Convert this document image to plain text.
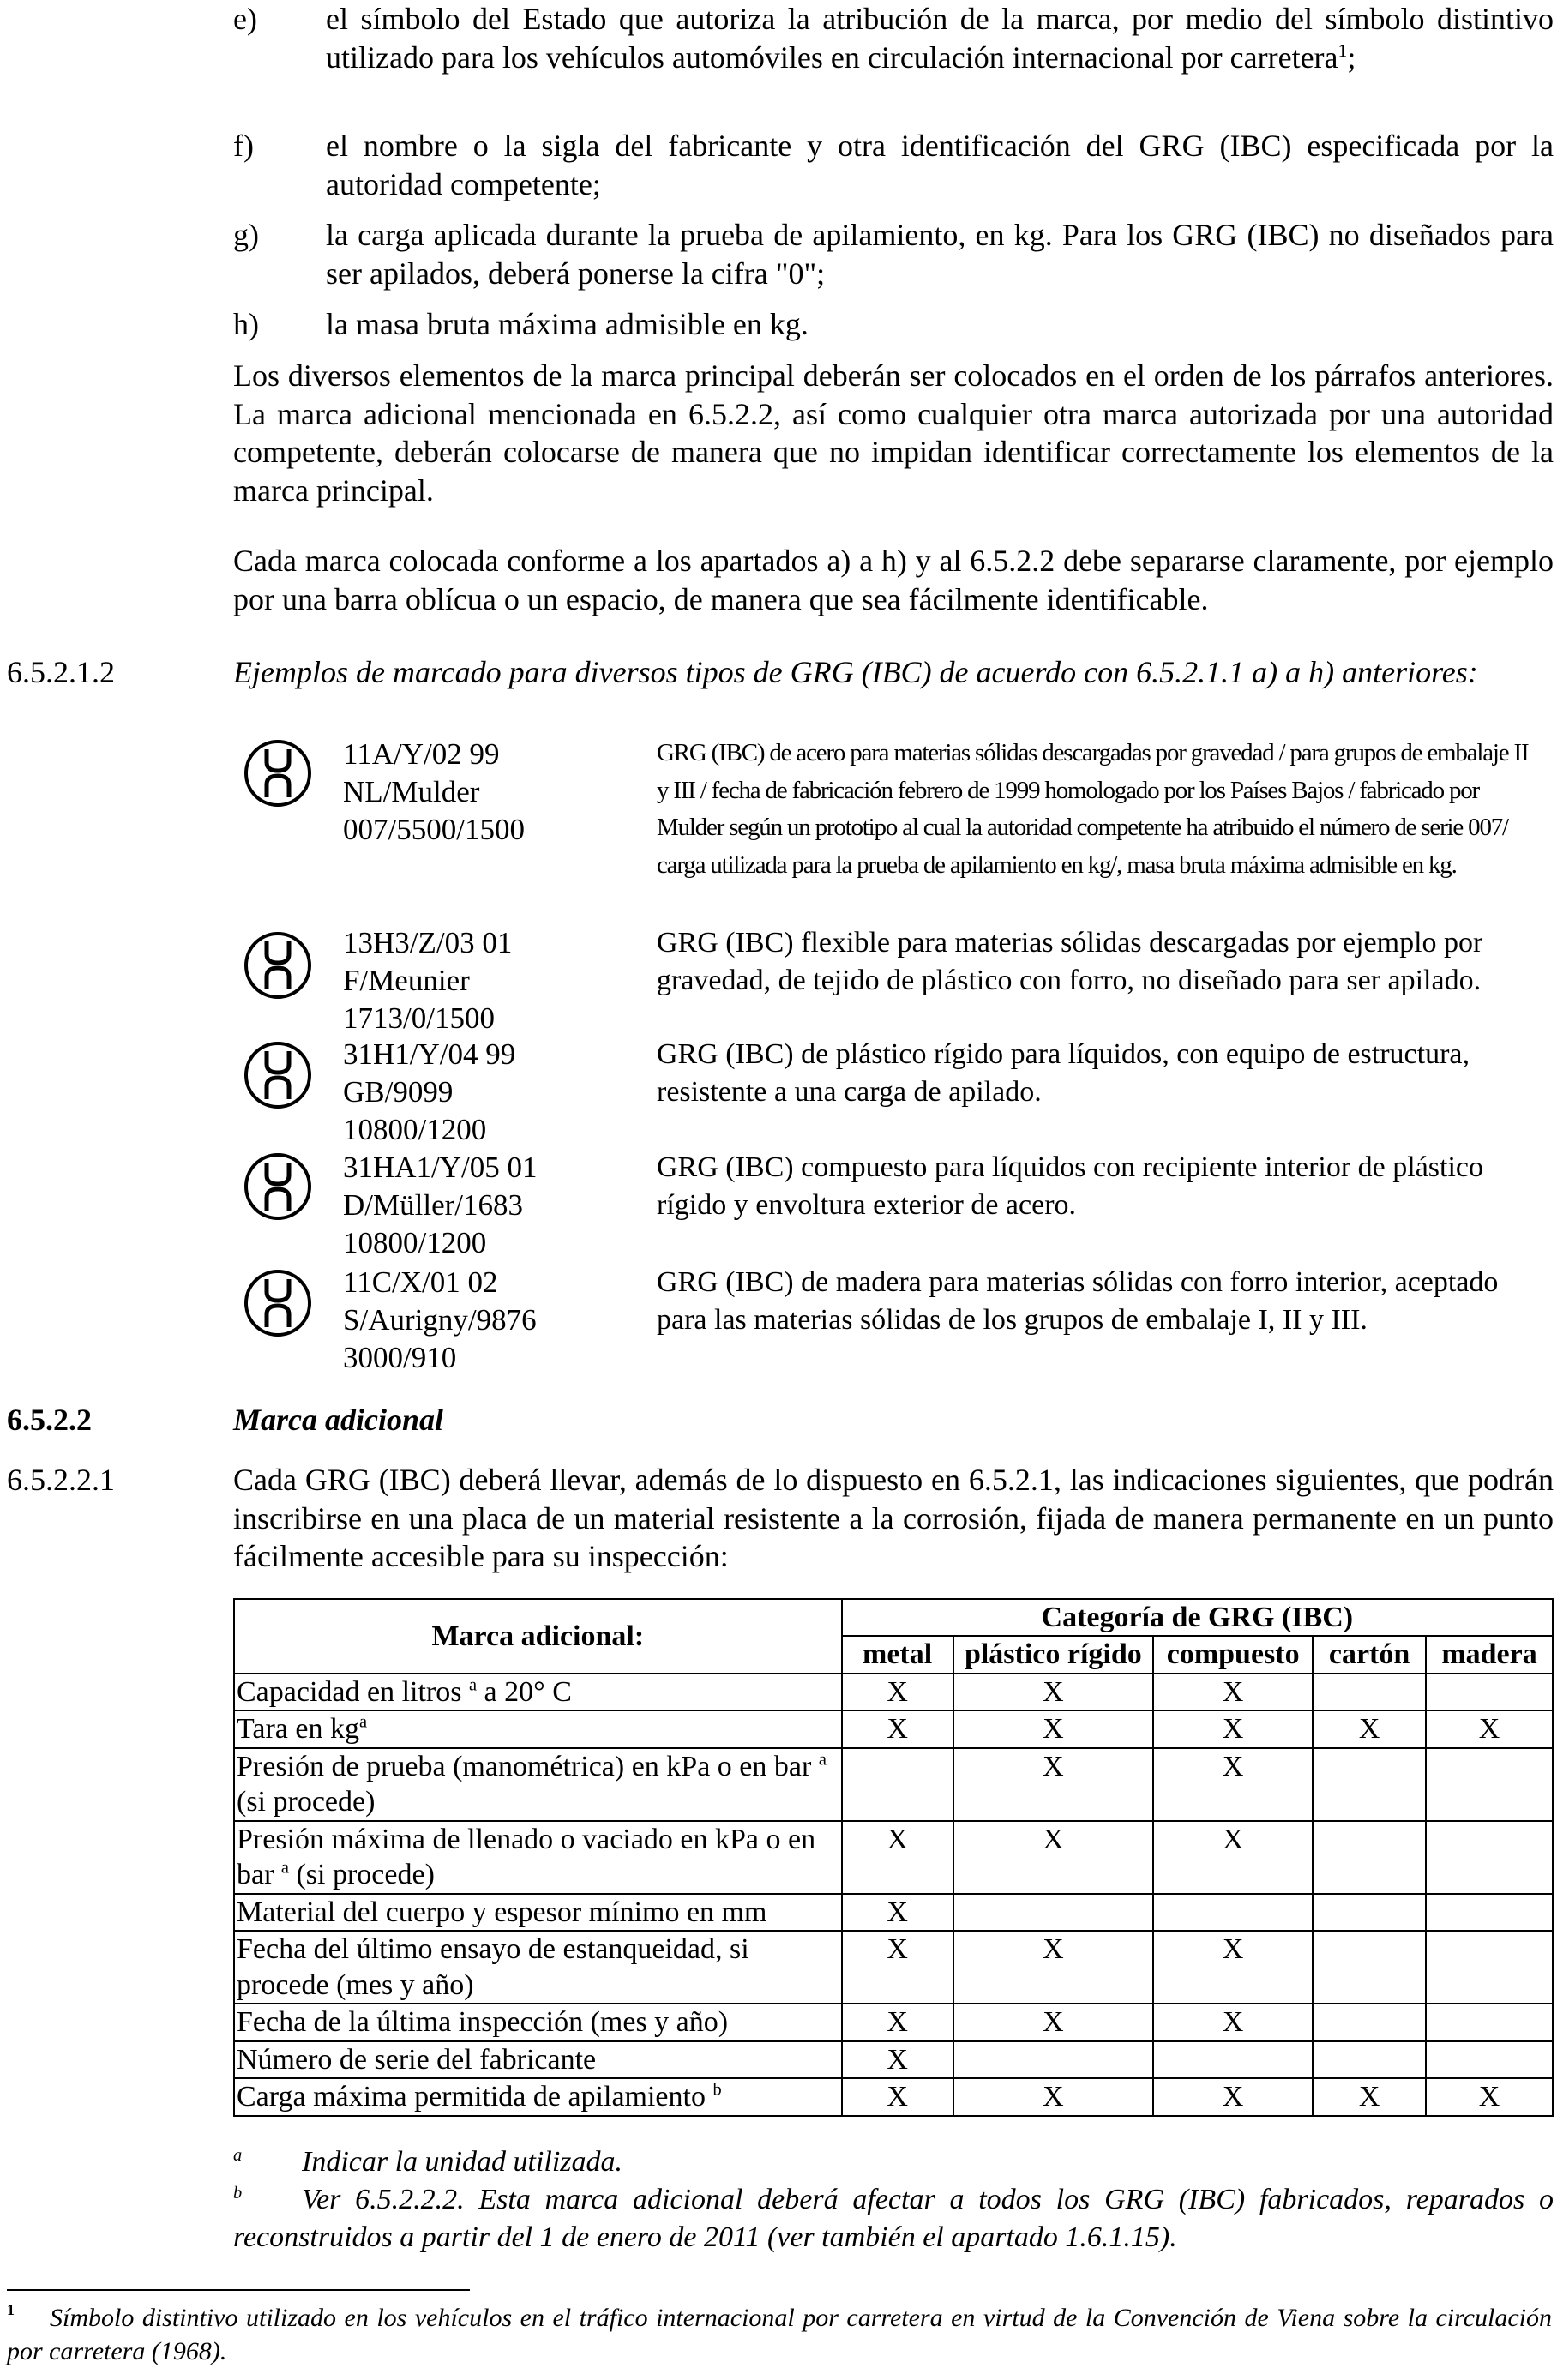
e) el símbolo del Estado que autoriza la atribución de la marca, por medio del símbolo distintivo utilizado para los vehículos automóviles en circulación internacional por carretera$^1$;
f) el nombre o la sigla del fabricante y otra identificación del GRG (IBC) especificada por la autoridad competente;
g) la carga aplicada durante la prueba de apilamiento, en kg. Para los GRG (IBC) no diseñados para ser apilados, deberá ponerse la cifra "0";
h) la masa bruta máxima admisible en kg.

Los diversos elementos de la marca principal deberán ser colocados en el orden de los párrafos anteriores. La marca adicional mencionada en 6.5.2.2, así como cualquier otra marca autorizada por una autoridad competente, deberán colocarse de manera que no impidan identificar correctamente los elementos de la marca principal.

Cada marca colocada conforme a los apartados a) a h) y al 6.5.2.2 debe separarse claramente, por ejemplo por una barra oblícua o un espacio, de manera que sea fácilmente identificable.

6.5.2.1.2	Ejemplos de marcado para diversos tipos de GRG (IBC) de acuerdo con 6.5.2.1.1 a) a h) anteriores:
11A/Y/02 99
NL/Mulder
007/5500/1500
GRG (IBC) de acero para materias sólidas descargadas por gravedad / para grupos de embalaje II y III / fecha de fabricación febrero de 1999 homologado por los Países Bajos / fabricado por Mulder según un prototipo al cual la autoridad competente ha atribuido el número de serie 007/ carga utilizada para la prueba de apilamiento en kg/, masa bruta máxima admisible en kg.
13H3/Z/03 01
F/Meunier
1713/0/1500
GRG (IBC) flexible para materias sólidas descargadas por ejemplo por gravedad, de tejido de plástico con forro, no diseñado para ser apilado.
31H1/Y/04 99
GB/9099
10800/1200
GRG (IBC) de plástico rígido para líquidos, con equipo de estructura, resistente a una carga de apilado.
31HA1/Y/05 01
D/Müller/1683
10800/1200
GRG (IBC) compuesto para líquidos con recipiente interior de plástico rígido y envoltura exterior de acero.
11C/X/01 02
S/Aurigny/9876
3000/910
GRG (IBC) de madera para materias sólidas con forro interior, aceptado para las materias sólidas de los grupos de embalaje I, II y III.
6.5.2.2	Marca adicional
6.5.2.2.1	Cada GRG (IBC) deberá llevar, además de lo dispuesto en 6.5.2.1, las indicaciones siguientes, que podrán inscribirse en una placa de un material resistente a la corrosión, fijada de manera permanente en un punto fácilmente accesible para su inspección:
Marca adicional:	Categoría de GRG (IBC)				
	metal	plástico rígido	compuesto	cartón	madera
Capacidad en litros $^a$ a 20° C	X	X	X		
Tara en $kg^a$	X	X	X	X	X
Presión de prueba (manométrica) en kPa o en bar $^a$ (si procede)		X	X		
Presión máxima de llenado o vaciado en kPa o en bar $^a$ (si procede)	X	X	X		
Material del cuerpo y espesor mínimo en mm	X				
Fecha del último ensayo de estanqueidad, si procede (mes y año)	X	X	X		
Fecha de la última inspección (mes y año)	X	X	X		
Número de serie del fabricante	X				
Carga máxima permitida de apilamiento $^b$	X	X	X	X	X
a Indicar la unidad utilizada.
b Ver 6.5.2.2.2. Esta marca adicional deberá afectar a todos los GRG (IBC) fabricados, reparados o reconstruidos a partir del 1 de enero de 2011 (ver también el apartado 1.6.1.15).
1 Símbolo distintivo utilizado en los vehículos en el tráfico internacional por carretera en virtud de la Convención de Viena sobre la circulación por carretera (1968).
